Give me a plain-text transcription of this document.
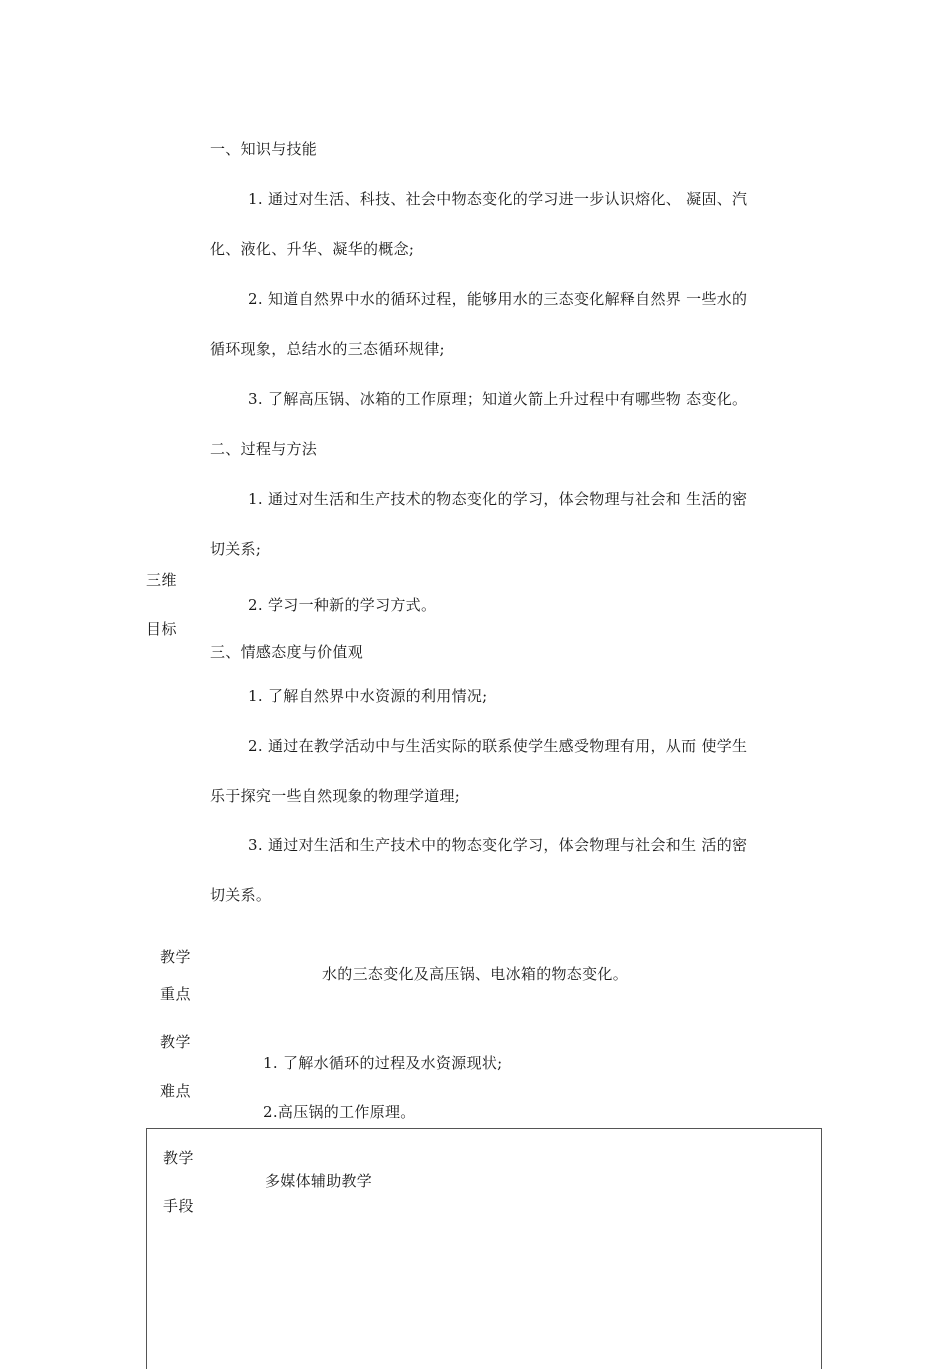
三维
目标
一、知识与技能
1. 通过对生活、科技、社会中物态变化的学习进一步认识熔化、 凝固、汽
化、液化、升华、凝华的概念;
2. 知道自然界中水的循环过程，能够用水的三态变化解释自然界 一些水的
循环现象，总结水的三态循环规律;
3. 了解高压锅、冰箱的工作原理；知道火箭上升过程中有哪些物 态变化。
二、过程与方法
1. 通过对生活和生产技术的物态变化的学习，体会物理与社会和 生活的密
切关系;
2. 学习一种新的学习方式。
三、情感态度与价值观
1. 了解自然界中水资源的利用情况;
2. 通过在教学活动中与生活实际的联系使学生感受物理有用，从而 使学生
乐于探究一些自然现象的物理学道理;
3. 通过对生活和生产技术中的物态变化学习，体会物理与社会和生 活的密
切关系。
教学
重点
水的三态变化及高压锅、电冰箱的物态变化。
教学
难点
1. 了解水循环的过程及水资源现状;
2.高压锅的工作原理。
教学
手段
多媒体辅助教学
